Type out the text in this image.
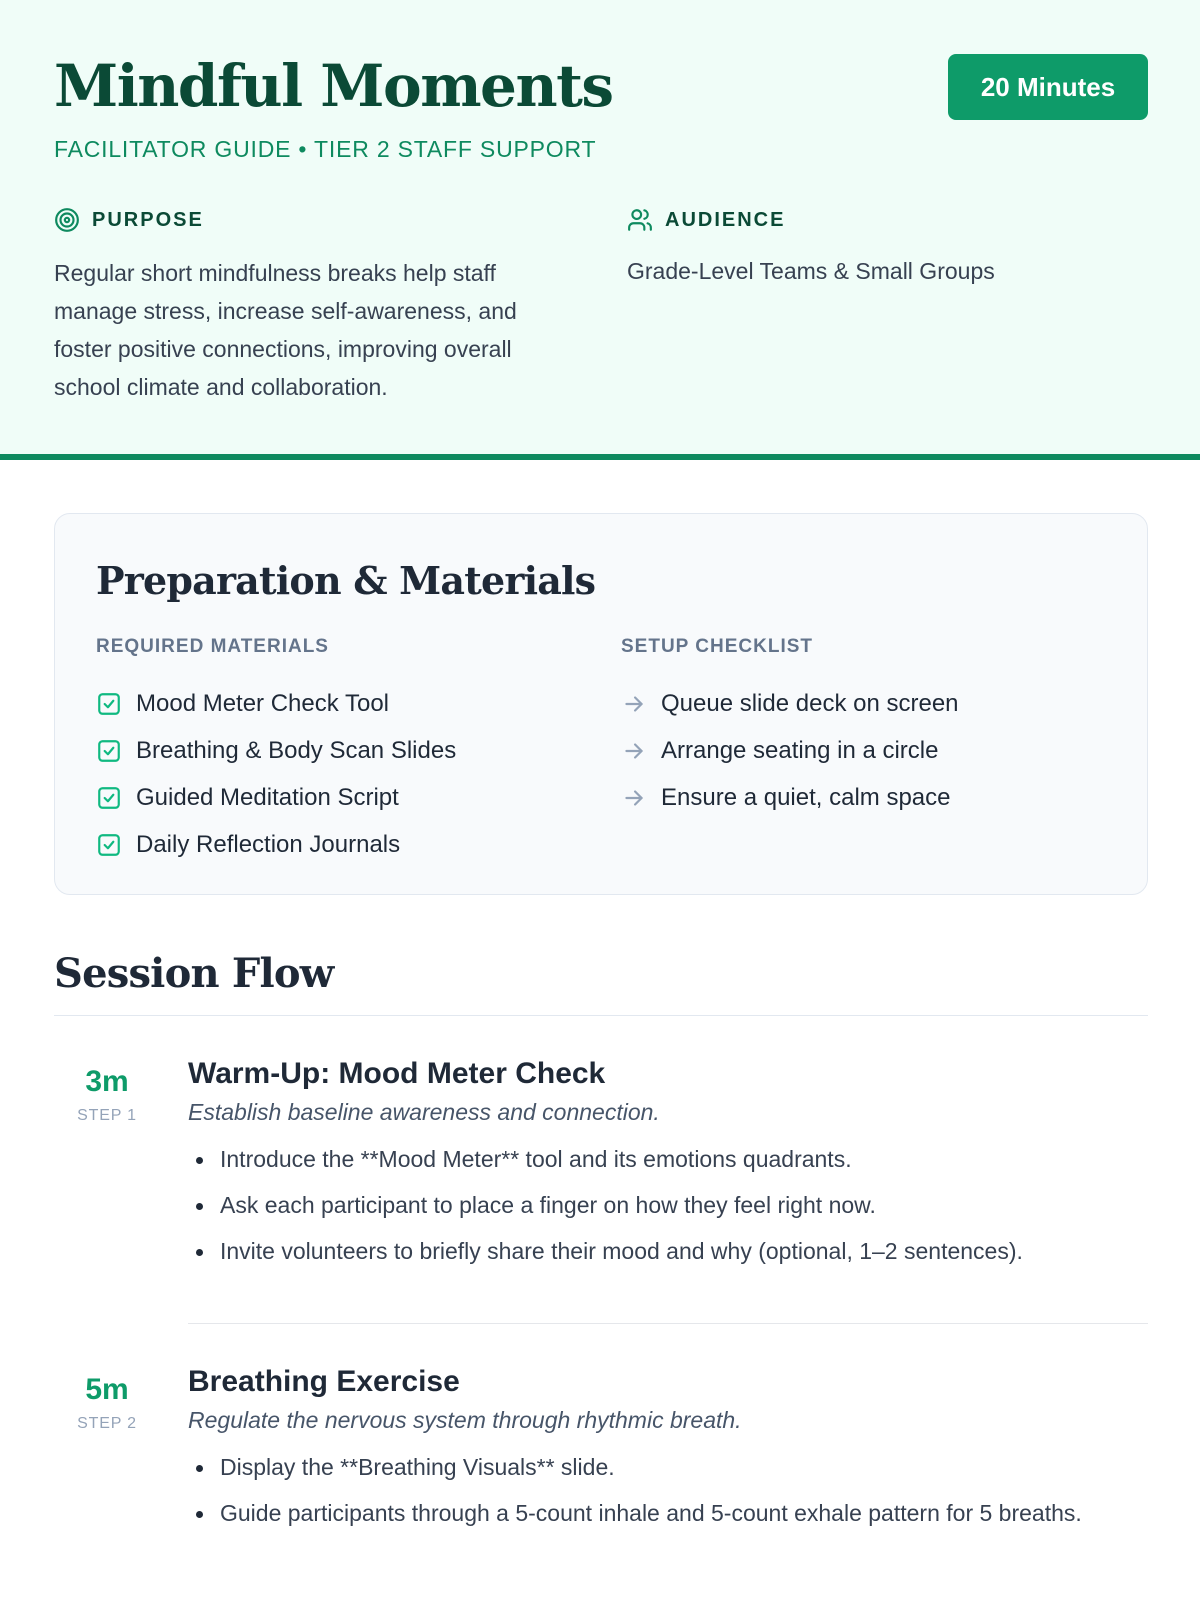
Mindful Moments
FACILITATOR GUIDE • TIER 2 STAFF SUPPORT
20 Minutes
PURPOSE

Regular short mindfulness breaks help staff manage stress, increase self-awareness, and foster positive connections, improving overall school climate and collaboration.

AUDIENCE

Grade-Level Teams & Small Groups

Preparation & Materials
REQUIRED MATERIALS
Mood Meter Check Tool
Breathing & Body Scan Slides
Guided Meditation Script
Daily Reflection Journals
SETUP CHECKLIST
Queue slide deck on screen
Arrange seating in a circle
Ensure a quiet, calm space
Session Flow
3m
STEP 1
Warm-Up: Mood Meter Check

Establish baseline awareness and connection.

Introduce the **Mood Meter** tool and its emotions quadrants.
Ask each participant to place a finger on how they feel right now.
Invite volunteers to briefly share their mood and why (optional, 1–2 sentences).
5m
STEP 2
Breathing Exercise

Regulate the nervous system through rhythmic breath.

Display the **Breathing Visuals** slide.
Guide participants through a 5-count inhale and 5-count exhale pattern for 5 breaths.
